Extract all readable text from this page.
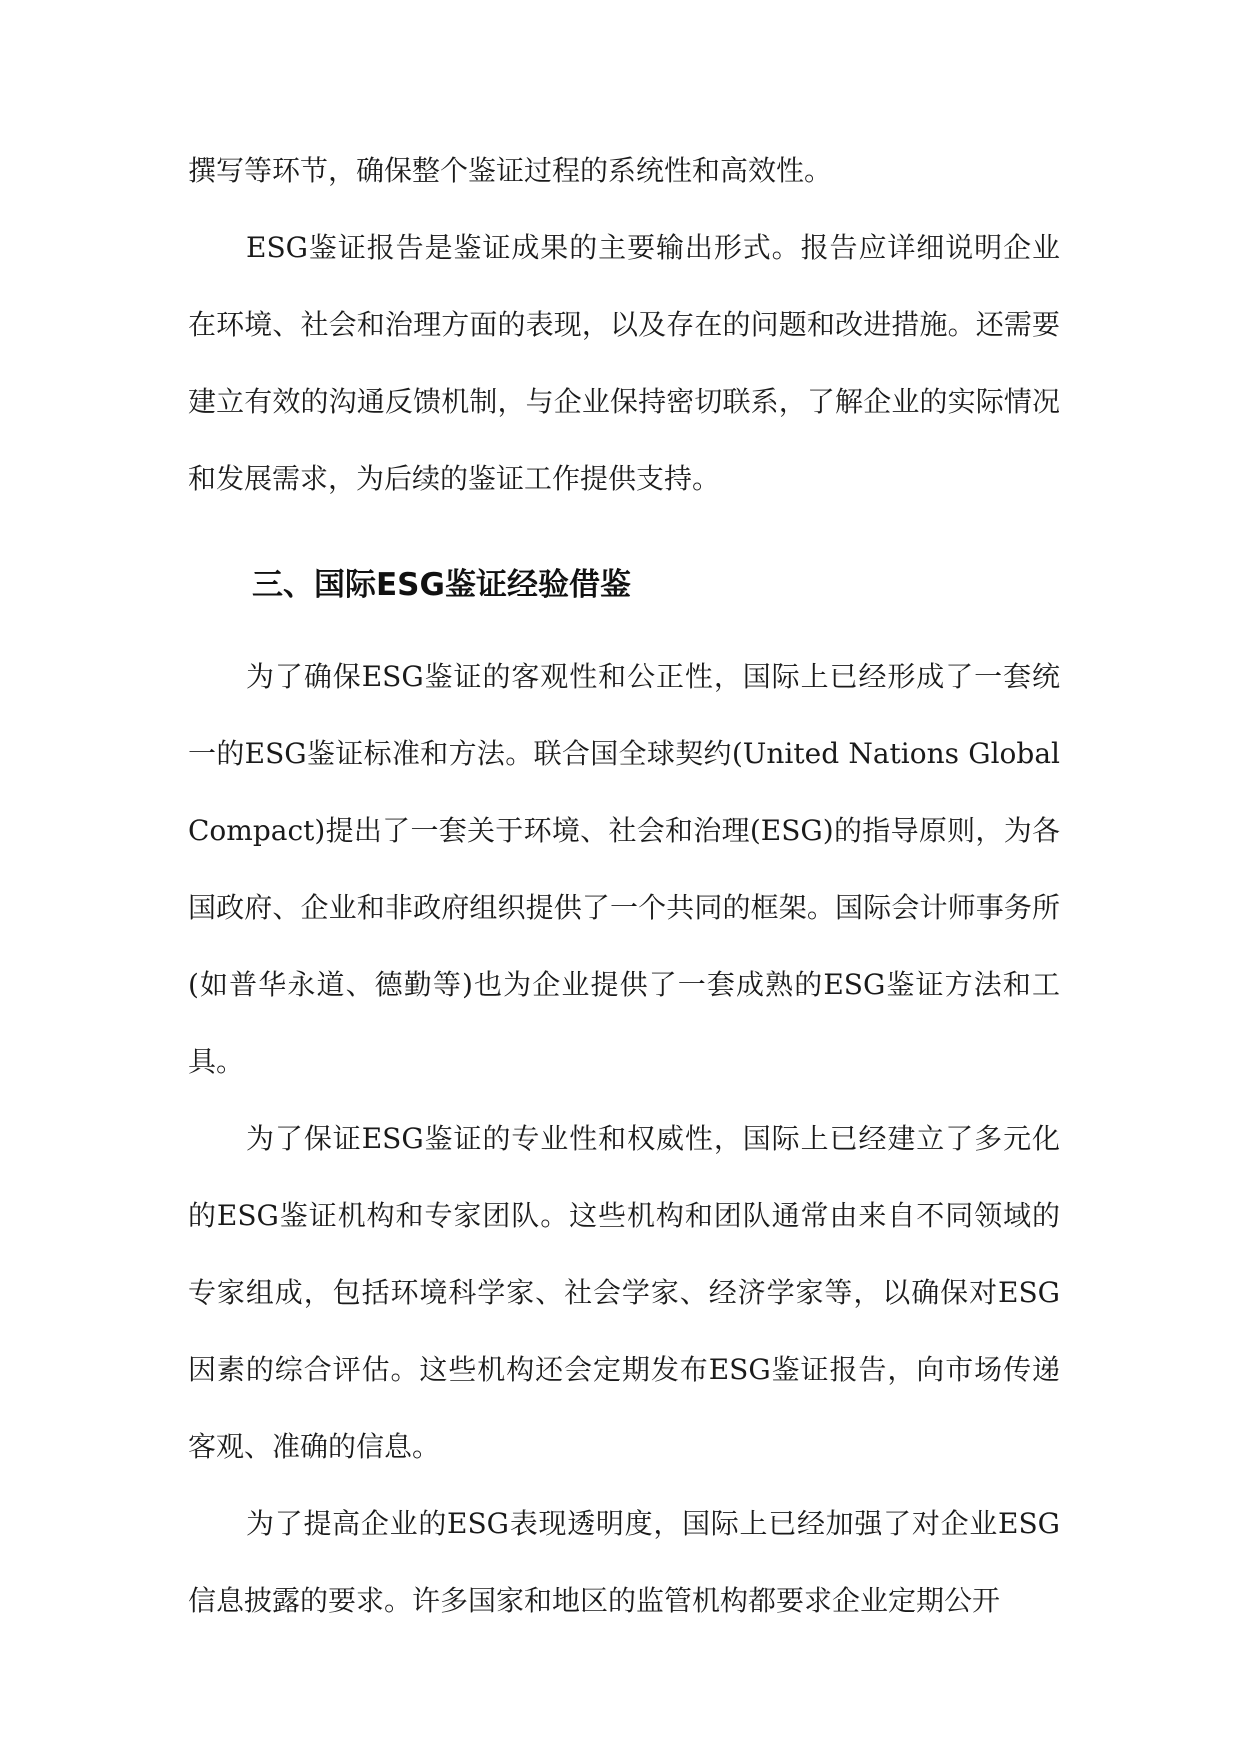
撰写等环节，确保整个鉴证过程的系统性和高效性。

ESG鉴证报告是鉴证成果的主要输出形式。报告应详细说明企业在环境、社会和治理方面的表现，以及存在的问题和改进措施。还需要建立有效的沟通反馈机制，与企业保持密切联系，了解企业的实际情况和发展需求，为后续的鉴证工作提供支持。

三、国际ESG鉴证经验借鉴

为了确保ESG鉴证的客观性和公正性，国际上已经形成了一套统一的ESG鉴证标准和方法。联合国全球契约(United Nations Global Compact)提出了一套关于环境、社会和治理(ESG)的指导原则，为各国政府、企业和非政府组织提供了一个共同的框架。国际会计师事务所(如普华永道、德勤等)也为企业提供了一套成熟的ESG鉴证方法和工具。

为了保证ESG鉴证的专业性和权威性，国际上已经建立了多元化的ESG鉴证机构和专家团队。这些机构和团队通常由来自不同领域的专家组成，包括环境科学家、社会学家、经济学家等，以确保对ESG因素的综合评估。这些机构还会定期发布ESG鉴证报告，向市场传递客观、准确的信息。

为了提高企业的ESG表现透明度，国际上已经加强了对企业ESG信息披露的要求。许多国家和地区的监管机构都要求企业定期公开
